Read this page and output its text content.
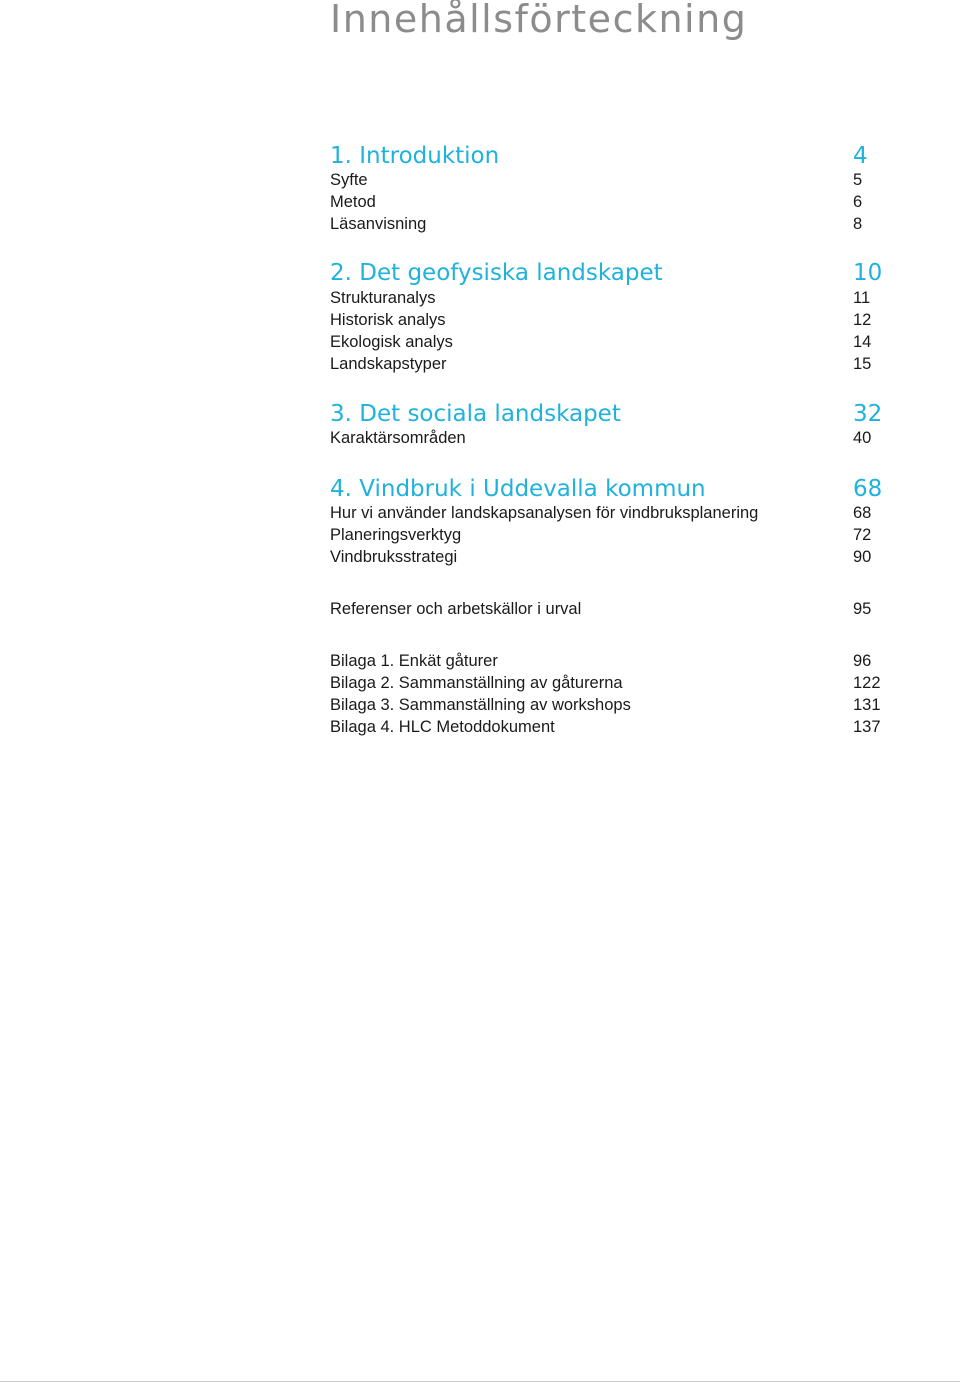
Innehållsförteckning
1. Introduktion	4
Syfte	5
Metod	6
Läsanvisning	8
2. Det geofysiska landskapet	10
Strukturanalys	11
Historisk analys	12
Ekologisk analys	14
Landskapstyper	15
3. Det sociala landskapet	32
Karaktärsområden	40
4. Vindbruk i Uddevalla kommun	68
Hur vi använder landskapsanalysen för vindbruksplanering	68
Planeringsverktyg	72
Vindbruksstrategi	90
Referenser och arbetskällor i urval	95
Bilaga 1. Enkät gåturer	96
Bilaga 2. Sammanställning av gåturerna	122
Bilaga 3. Sammanställning av workshops	131
Bilaga 4. HLC Metoddokument	137
